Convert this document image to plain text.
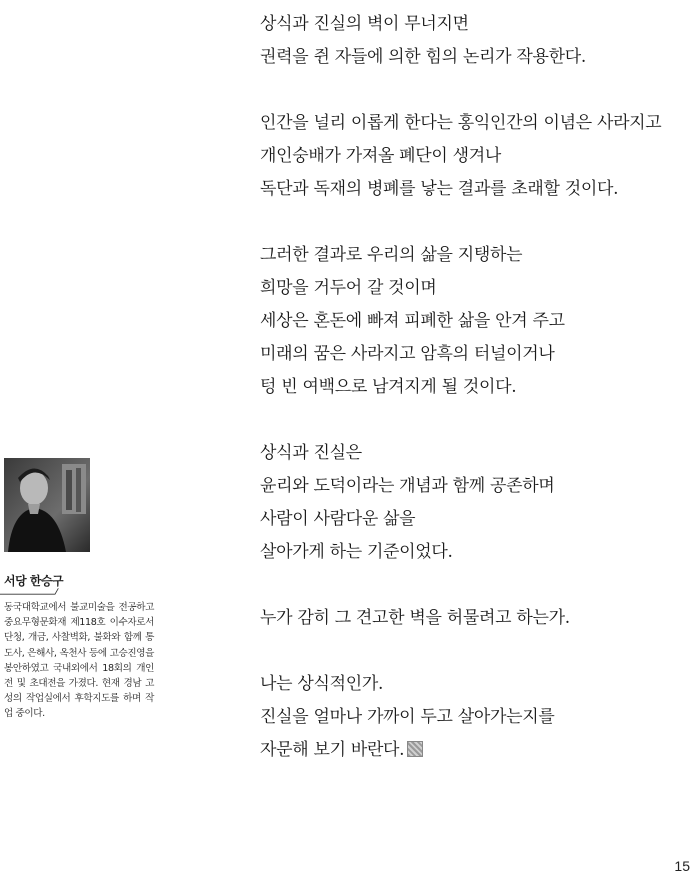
상식과 진실의 벽이 무너지면
권력을 쥔 자들에 의한 힘의 논리가 작용한다.
인간을 널리 이롭게 한다는 홍익인간의 이념은 사라지고
개인숭배가 가져올 폐단이 생겨나
독단과 독재의 병폐를 낳는 결과를 초래할 것이다.
그러한 결과로 우리의 삶을 지탱하는
희망을 거두어 갈 것이며
세상은 혼돈에 빠져 피폐한 삶을 안겨 주고
미래의 꿈은 사라지고 암흑의 터널이거나
텅 빈 여백으로 남겨지게 될 것이다.
상식과 진실은
윤리와 도덕이라는 개념과 함께 공존하며
사람이 사람다운 삶을
살아가게 하는 기준이었다.
누가 감히 그 견고한 벽을 허물려고 하는가.
나는 상식적인가.
진실을 얼마나 가까이 두고 살아가는지를
자문해 보기 바란다.
서당 한승구
동국대학교에서 불교미술을 전공하고 중요무형문화재 제118호 이수자로서 단청, 개금, 사찰벽화, 불화와 함께 통도사, 은해사, 옥천사 등에 고승진영을 봉안하였고 국내외에서 18회의 개인전 및 초대전을 가졌다. 현재 경남 고성의 작업실에서 후학지도를 하며 작업 중이다.
15
